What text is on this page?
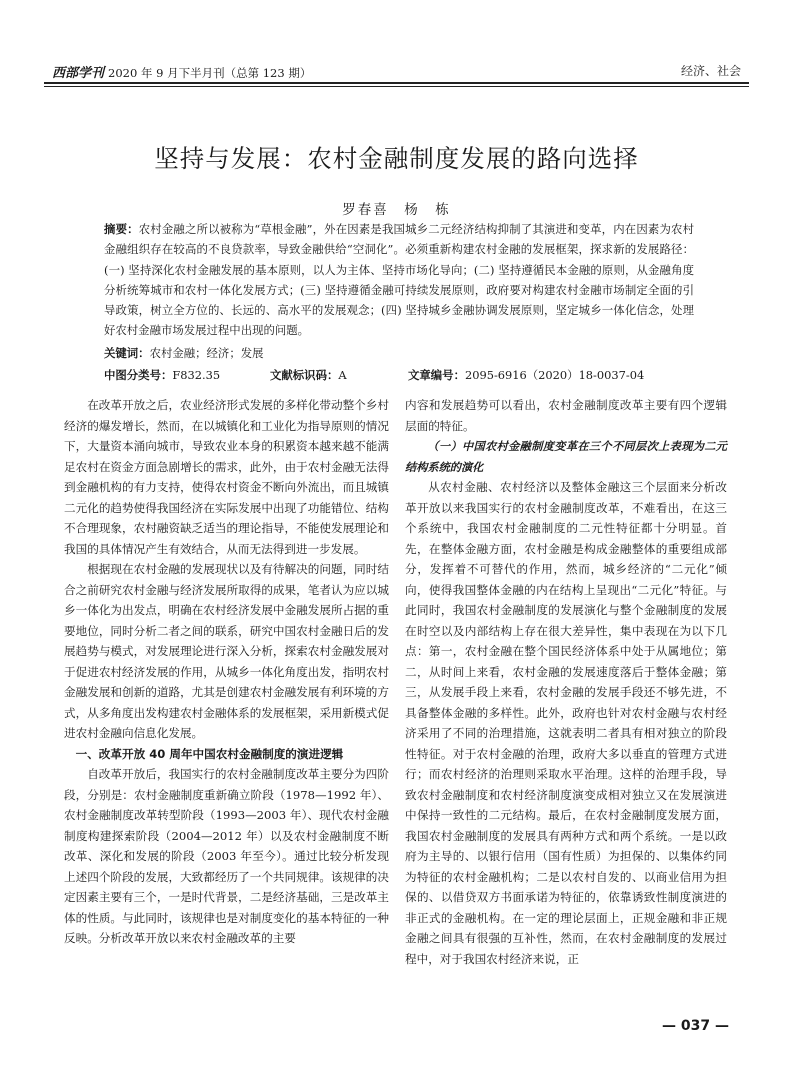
西部学刊 2020 年 9 月下半月刊（总第 123 期）	经济、社会
坚持与发展：农村金融制度发展的路向选择
罗春喜　杨　栋
摘要：农村金融之所以被称为“草根金融”，外在因素是我国城乡二元经济结构抑制了其演进和变革，内在因素为农村金融组织存在较高的不良贷款率，导致金融供给“空洞化”。必须重新构建农村金融的发展框架，探求新的发展路径：(一) 坚持深化农村金融发展的基本原则，以人为主体、坚持市场化导向；(二) 坚持遵循民本金融的原则，从金融角度分析统筹城市和农村一体化发展方式；(三) 坚持遵循金融可持续发展原则，政府要对构建农村金融市场制定全面的引导政策，树立全方位的、长远的、高水平的发展观念；(四) 坚持城乡金融协调发展原则，坚定城乡一体化信念，处理好农村金融市场发展过程中出现的问题。
关键词：农村金融；经济；发展
中图分类号：F832.35	文献标识码：A	文章编号：2095-6916（2020）18-0037-04

在改革开放之后，农业经济形式发展的多样化带动整个乡村经济的爆发增长，然而，在以城镇化和工业化为指导原则的情况下，大量资本涌向城市，导致农业本身的积累资本越来越不能满足农村在资金方面急剧增长的需求，此外，由于农村金融无法得到金融机构的有力支持，使得农村资金不断向外流出，而且城镇二元化的趋势使得我国经济在实际发展中出现了功能错位、结构不合理现象，农村融资缺乏适当的理论指导，不能使发展理论和我国的具体情况产生有效结合，从而无法得到进一步发展。

根据现在农村金融的发展现状以及有待解决的问题，同时结合之前研究农村金融与经济发展所取得的成果，笔者认为应以城乡一体化为出发点，明确在农村经济发展中金融发展所占据的重要地位，同时分析二者之间的联系，研究中国农村金融日后的发展趋势与模式，对发展理论进行深入分析，探索农村金融发展对于促进农村经济发展的作用，从城乡一体化角度出发，指明农村金融发展和创新的道路，尤其是创建农村金融发展有利环境的方式，从多角度出发构建农村金融体系的发展框架，采用新模式促进农村金融向信息化发展。

一、改革开放 40 周年中国农村金融制度的演进逻辑

自改革开放后，我国实行的农村金融制度改革主要分为四阶段，分别是：农村金融制度重新确立阶段（1978—1992 年）、农村金融制度改革转型阶段（1993—2003 年）、现代农村金融制度构建探索阶段（2004—2012 年）以及农村金融制度不断改革、深化和发展的阶段（2003 年至今）。通过比较分析发现上述四个阶段的发展，大致都经历了一个共同规律。该规律的决定因素主要有三个，一是时代背景，二是经济基础，三是改革主体的性质。与此同时，该规律也是对制度变化的基本特征的一种反映。分析改革开放以来农村金融改革的主要

内容和发展趋势可以看出，农村金融制度改革主要有四个逻辑层面的特征。

（一）中国农村金融制度变革在三个不同层次上表现为二元结构系统的演化

从农村金融、农村经济以及整体金融这三个层面来分析改革开放以来我国实行的农村金融制度改革，不难看出，在这三个系统中，我国农村金融制度的二元性特征都十分明显。首先，在整体金融方面，农村金融是构成金融整体的重要组成部分，发挥着不可替代的作用，然而，城乡经济的“二元化”倾向，使得我国整体金融的内在结构上呈现出“二元化”特征。与此同时，我国农村金融制度的发展演化与整个金融制度的发展在时空以及内部结构上存在很大差异性，集中表现在为以下几点：第一，农村金融在整个国民经济体系中处于从属地位；第二，从时间上来看，农村金融的发展速度落后于整体金融；第三，从发展手段上来看，农村金融的发展手段还不够先进，不具备整体金融的多样性。此外，政府也针对农村金融与农村经济采用了不同的治理措施，这就表明二者具有相对独立的阶段性特征。对于农村金融的治理，政府大多以垂直的管理方式进行；而农村经济的治理则采取水平治理。这样的治理手段，导致农村金融制度和农村经济制度演变成相对独立又在发展演进中保持一致性的二元结构。最后，在农村金融制度发展方面，我国农村金融制度的发展具有两种方式和两个系统。一是以政府为主导的、以银行信用（国有性质）为担保的、以集体约同为特征的农村金融机构；二是以农村自发的、以商业信用为担保的、以借贷双方书面承诺为特征的，依靠诱致性制度演进的非正式的金融机构。在一定的理论层面上，正规金融和非正规金融之间具有很强的互补性，然而，在农村金融制度的发展过程中，对于我国农村经济来说，正

— 037 —
